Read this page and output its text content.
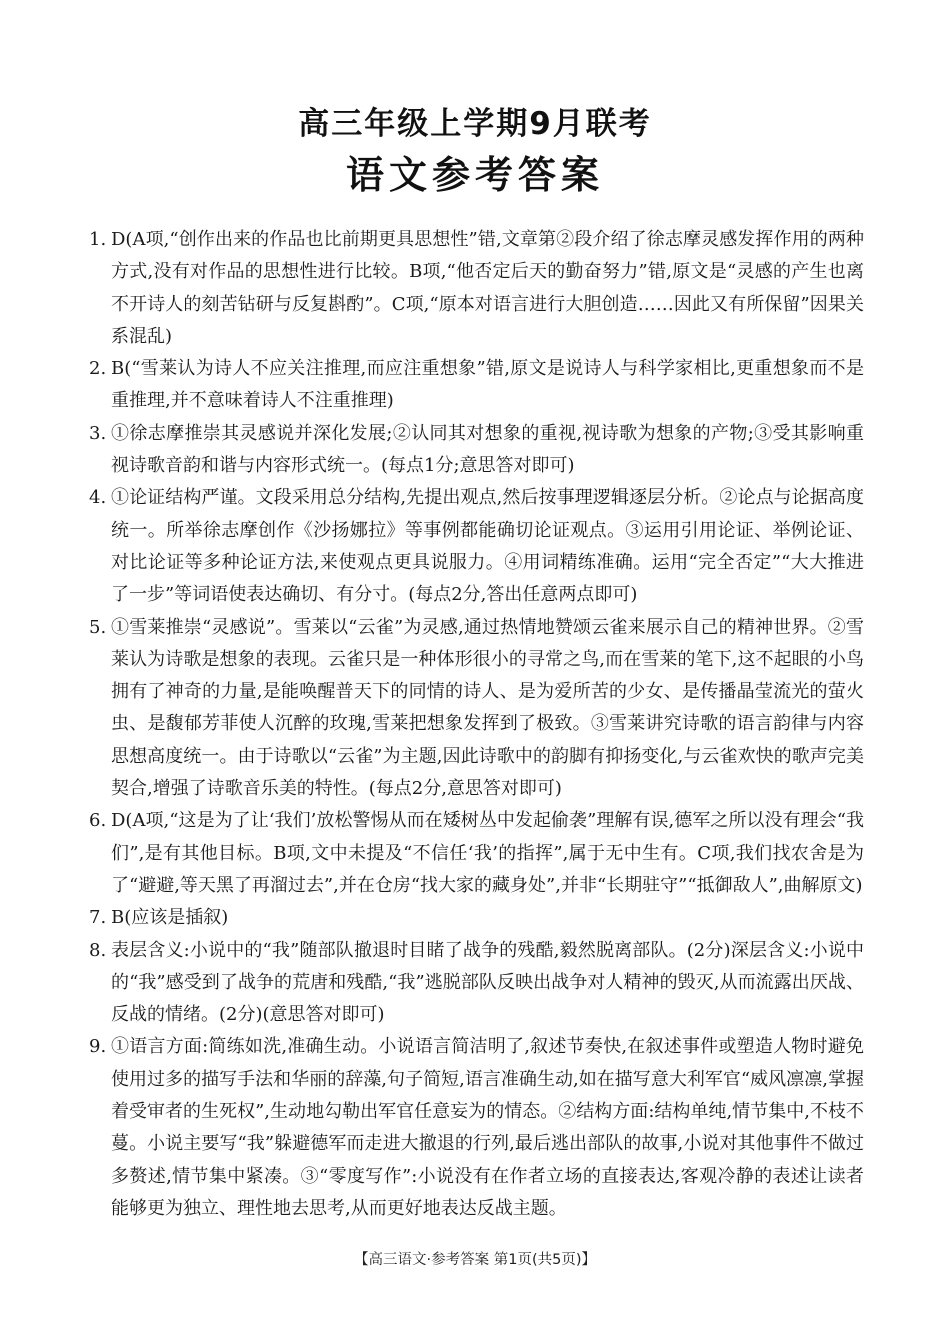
高三年级上学期9月联考
语文参考答案
1. D(A项,“创作出来的作品也比前期更具思想性”错,文章第②段介绍了徐志摩灵感发挥作用的两种方式,没有对作品的思想性进行比较。B项,“他否定后天的勤奋努力”错,原文是“灵感的产生也离不开诗人的刻苦钻研与反复斟酌”。C项,“原本对语言进行大胆创造……因此又有所保留”因果关系混乱)
2. B(“雪莱认为诗人不应关注推理,而应注重想象”错,原文是说诗人与科学家相比,更重想象而不是重推理,并不意味着诗人不注重推理)
3. ①徐志摩推崇其灵感说并深化发展;②认同其对想象的重视,视诗歌为想象的产物;③受其影响重视诗歌音韵和谐与内容形式统一。(每点1分;意思答对即可)
4. ①论证结构严谨。文段采用总分结构,先提出观点,然后按事理逻辑逐层分析。②论点与论据高度统一。所举徐志摩创作《沙扬娜拉》等事例都能确切论证观点。③运用引用论证、举例论证、对比论证等多种论证方法,来使观点更具说服力。④用词精练准确。运用“完全否定”“大大推进了一步”等词语使表达确切、有分寸。(每点2分,答出任意两点即可)
5. ①雪莱推崇“灵感说”。雪莱以“云雀”为灵感,通过热情地赞颂云雀来展示自己的精神世界。②雪莱认为诗歌是想象的表现。云雀只是一种体形很小的寻常之鸟,而在雪莱的笔下,这不起眼的小鸟拥有了神奇的力量,是能唤醒普天下的同情的诗人、是为爱所苦的少女、是传播晶莹流光的萤火虫、是馥郁芳菲使人沉醉的玫瑰,雪莱把想象发挥到了极致。③雪莱讲究诗歌的语言韵律与内容思想高度统一。由于诗歌以“云雀”为主题,因此诗歌中的韵脚有抑扬变化,与云雀欢快的歌声完美契合,增强了诗歌音乐美的特性。(每点2分,意思答对即可)
6. D(A项,“这是为了让‘我们’放松警惕从而在矮树丛中发起偷袭”理解有误,德军之所以没有理会“我们”,是有其他目标。B项,文中未提及“不信任‘我’的指挥”,属于无中生有。C项,我们找农舍是为了“避避,等天黑了再溜过去”,并在仓房“找大家的藏身处”,并非“长期驻守”“抵御敌人”,曲解原文)
7. B(应该是插叙)
8. 表层含义:小说中的“我”随部队撤退时目睹了战争的残酷,毅然脱离部队。(2分)深层含义:小说中的“我”感受到了战争的荒唐和残酷,“我”逃脱部队反映出战争对人精神的毁灭,从而流露出厌战、反战的情绪。(2分)(意思答对即可)
9. ①语言方面:简练如洗,准确生动。小说语言简洁明了,叙述节奏快,在叙述事件或塑造人物时避免使用过多的描写手法和华丽的辞藻,句子简短,语言准确生动,如在描写意大利军官“威风凛凛,掌握着受审者的生死权”,生动地勾勒出军官任意妄为的情态。②结构方面:结构单纯,情节集中,不枝不蔓。小说主要写“我”躲避德军而走进大撤退的行列,最后逃出部队的故事,小说对其他事件不做过多赘述,情节集中紧凑。③“零度写作”:小说没有在作者立场的直接表达,客观冷静的表述让读者能够更为独立、理性地去思考,从而更好地表达反战主题。
【高三语文·参考答案 第1页(共5页)】
